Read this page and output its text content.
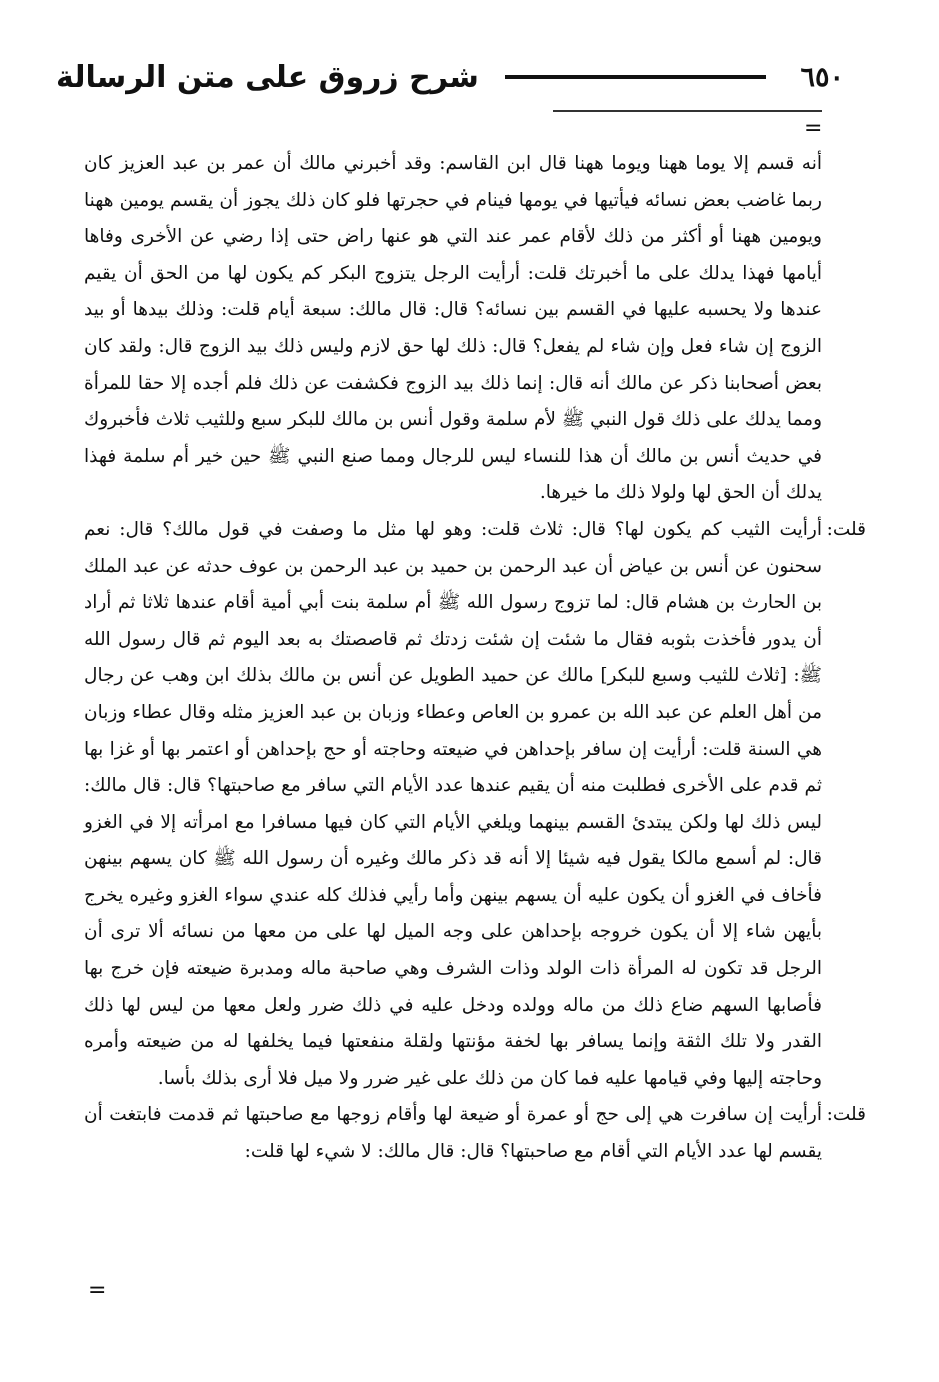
٦٥٠
شرح زروق على متن الرسالة
=

أنه قسم إلا يوما ههنا ويوما ههنا قال ابن القاسم: وقد أخبرني مالك أن عمر بن عبد العزيز كان ربما غاضب بعض نسائه فيأتيها في يومها فينام في حجرتها فلو كان ذلك يجوز أن يقسم يومين ههنا ويومين ههنا أو أكثر من ذلك لأقام عمر عند التي هو عنها راض حتى إذا رضي عن الأخرى وفاها أيامها فهذا يدلك على ما أخبرتك قلت: أرأيت الرجل يتزوج البكر كم يكون لها من الحق أن يقيم عندها ولا يحسبه عليها في القسم بين نسائه؟ قال: قال مالك: سبعة أيام قلت: وذلك بيدها أو بيد الزوج إن شاء فعل وإن شاء لم يفعل؟ قال: ذلك لها حق لازم وليس ذلك بيد الزوج قال: ولقد كان بعض أصحابنا ذكر عن مالك أنه قال: إنما ذلك بيد الزوج فكشفت عن ذلك فلم أجده إلا حقا للمرأة ومما يدلك على ذلك قول النبي ﷺ لأم سلمة وقول أنس بن مالك للبكر سبع وللثيب ثلاث فأخبروك في حديث أنس بن مالك أن هذا للنساء ليس للرجال ومما صنع النبي ﷺ حين خير أم سلمة فهذا يدلك أن الحق لها ولولا ذلك ما خيرها.

قلت:
أرأيت الثيب كم يكون لها؟ قال: ثلاث قلت: وهو لها مثل ما وصفت في قول مالك؟ قال: نعم سحنون عن أنس بن عياض أن عبد الرحمن بن حميد بن عبد الرحمن بن عوف حدثه عن عبد الملك بن الحارث بن هشام قال: لما تزوج رسول الله ﷺ أم سلمة بنت أبي أمية أقام عندها ثلاثا ثم أراد أن يدور فأخذت بثوبه فقال ما شئت إن شئت زدتك ثم قاصصتك به بعد اليوم ثم قال رسول الله ﷺ: [ثلاث للثيب وسبع للبكر] مالك عن حميد الطويل عن أنس بن مالك بذلك ابن وهب عن رجال من أهل العلم عن عبد الله بن عمرو بن العاص وعطاء وزبان بن عبد العزيز مثله وقال عطاء وزبان هي السنة قلت: أرأيت إن سافر بإحداهن في ضيعته وحاجته أو حج بإحداهن أو اعتمر بها أو غزا بها ثم قدم على الأخرى فطلبت منه أن يقيم عندها عدد الأيام التي سافر مع صاحبتها؟ قال: قال مالك: ليس ذلك لها ولكن يبتدئ القسم بينهما ويلغي الأيام التي كان فيها مسافرا مع امرأته إلا في الغزو قال: لم أسمع مالكا يقول فيه شيئا إلا أنه قد ذكر مالك وغيره أن رسول الله ﷺ كان يسهم بينهن فأخاف في الغزو أن يكون عليه أن يسهم بينهن وأما رأيي فذلك كله عندي سواء الغزو وغيره يخرج بأيهن شاء إلا أن يكون خروجه بإحداهن على وجه الميل لها على من معها من نسائه ألا ترى أن الرجل قد تكون له المرأة ذات الولد وذات الشرف وهي صاحبة ماله ومدبرة ضيعته فإن خرج بها فأصابها السهم ضاع ذلك من ماله وولده ودخل عليه في ذلك ضرر ولعل معها من ليس لها ذلك القدر ولا تلك الثقة وإنما يسافر بها لخفة مؤنتها ولقلة منفعتها فيما يخلفها له من ضيعته وأمره وحاجته إليها وفي قيامها عليه فما كان من ذلك على غير ضرر ولا ميل فلا أرى بذلك بأسا.

قلت:
أرأيت إن سافرت هي إلى حج أو عمرة أو ضيعة لها وأقام زوجها مع صاحبتها ثم قدمت فابتغت أن يقسم لها عدد الأيام التي أقام مع صاحبتها؟ قال: قال مالك: لا شيء لها قلت:

=
